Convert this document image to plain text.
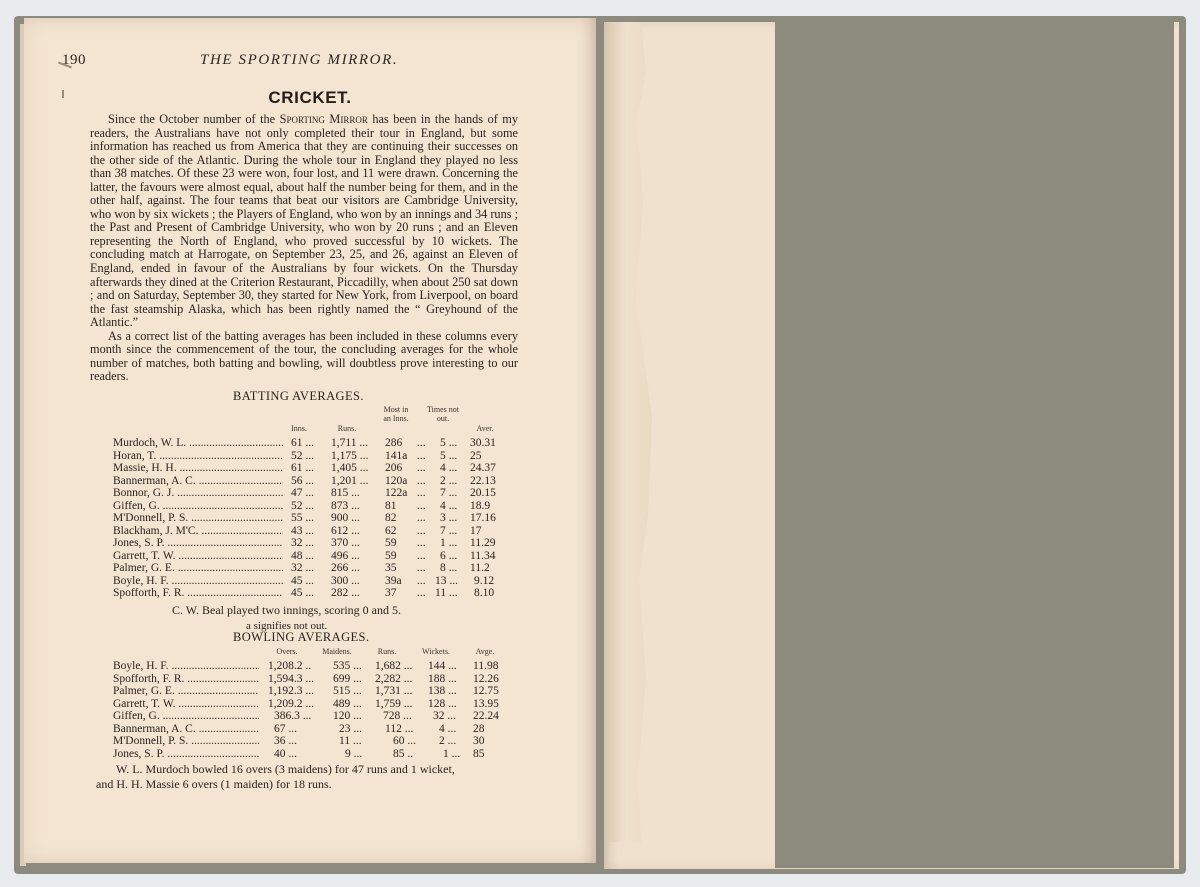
190	THE SPORTING MIRROR.
CRICKET.

Since the October number of the Sporting Mirror has been in the hands of my readers, the Australians have not only completed their tour in England, but some information has reached us from America that they are continuing their successes on the other side of the Atlantic. During the whole tour in England they played no less than 38 matches. Of these 23 were won, four lost, and 11 were drawn. Concerning the latter, the favours were almost equal, about half the number being for them, and in the other half, against. The four teams that beat our visitors are Cambridge University, who won by six wickets ; the Players of England, who won by an innings and 34 runs ; the Past and Present of Cambridge University, who won by 20 runs ; and an Eleven representing the North of England, who proved successful by 10 wickets. The concluding match at Harrogate, on September 23, 25, and 26, against an Eleven of England, ended in favour of the Australians by four wickets. On the Thursday afterwards they dined at the Criterion Restaurant, Piccadilly, when about 250 sat down ; and on Saturday, September 30, they started for New York, from Liverpool, on board the fast steamship Alaska, which has been rightly named the “ Greyhound of the Atlantic.”

As a correct list of the batting averages has been included in these columns every month since the commencement of the tour, the concluding averages for the whole number of matches, both batting and bowling, will doubtless prove interesting to our readers.

BATTING AVERAGES.
Inns.	Runs.
Most in an Inns.
Times not out.
Aver.
Murdoch, W. L. .....	61 ... 1,711 ... 286 ... 5 ... 30.31
Horan, T. .....	52 ... 1,175 ... 141a ... 5 ... 25
Massie, H. H. .....	61 ... 1,405 ... 206 ... 4 ... 24.37
Bannerman, A. C. .....	56 ... 1,201 ... 120a ... 2 ... 22.13
Bonnor, G. J. .....	47 ... 815 ... 122a ... 7 ... 20.15
Giffen, G. .....	52 ... 873 ... 81 ... 4 ... 18.9
M'Donnell, P. S. .....	55 ... 900 ... 82 ... 3 ... 17.16
Blackham, J. M'C. .....	43 ... 612 ... 62 ... 7 ... 17
Jones, S. P. .....	32 ... 370 ... 59 ... 1 ... 11.29
Garrett, T. W. .....	48 ... 496 ... 59 ... 6 ... 11.34
Palmer, G. E. .....	32 ... 266 ... 35 ... 8 ... 11.2
Boyle, H. F. .....	45 ... 300 ... 39a ... 13 ... 9.12
Spofforth, F. R. .....	45 ... 282 ... 37 ... 11 ... 8.10
C. W. Beal played two innings, scoring 0 and 5.
a signifies not out.
BOWLING AVERAGES.
Overs.	Maidens.	Runs.	Wickets.	Avge.
Boyle, H. F. .....	1,208.2 .. 535 ... 1,682 ... 144 ... 11.98
Spofforth, F. R. .....	1,594.3 ... 699 ... 2,282 ... 188 ... 12.26
Palmer, G. E. .....	1,192.3 ... 515 ... 1,731 ... 138 ... 12.75
Garrett, T. W. .....	1,209.2 ... 489 ... 1,759 ... 128 ... 13.95
Giffen, G. .....	386.3 ... 120 ... 728 ... 32 ... 22.24
Bannerman, A. C. .....	67 ...	23 ... 112 ... 4 ... 28
M'Donnell, P. S. .....	36 ...	11 ...	60 ... 2 ... 30
Jones, S. P. .....	40 ...	9 ...	85 ..	1 ... 85
W. L. Murdoch bowled 16 overs (3 maidens) for 47 runs and 1 wicket,
and H. H. Massie 6 overs (1 maiden) for 18 runs.
